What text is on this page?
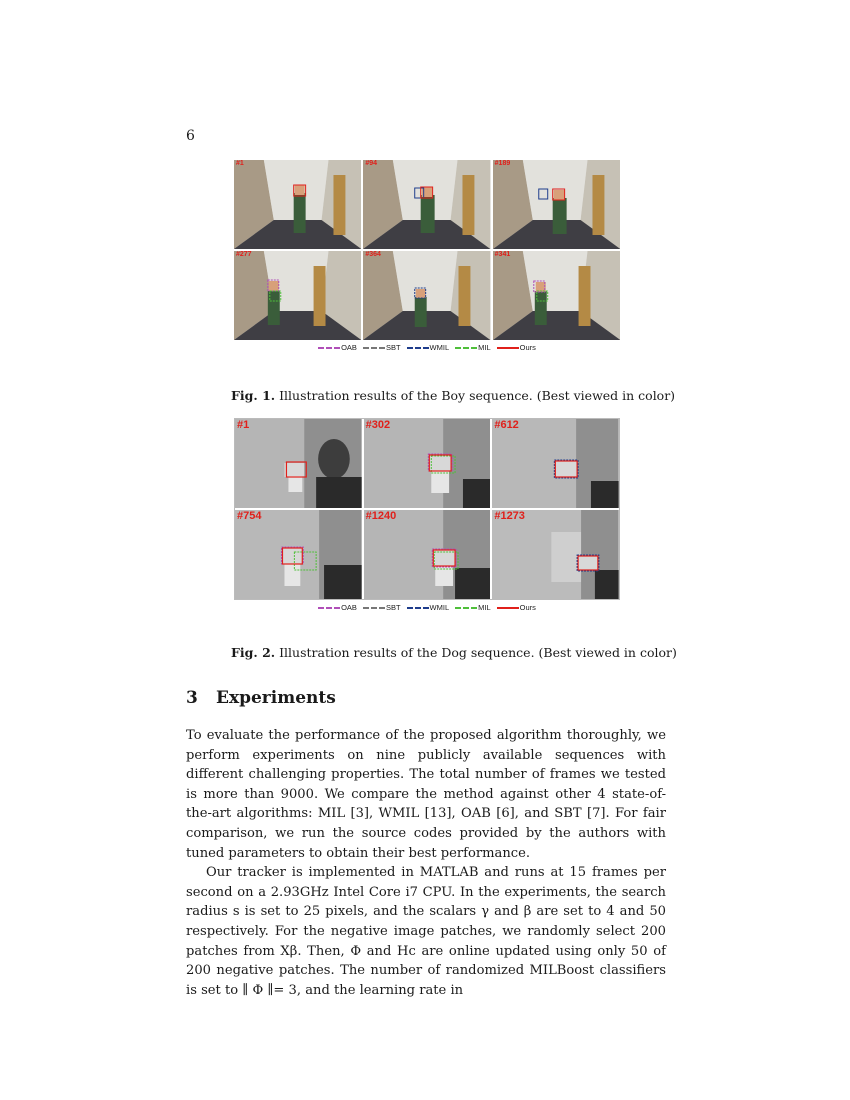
6
#1	#94	#189
#277	#364	#341
OAB	SBT	WMIL	MIL	Ours
Fig. 1. Illustration results of the Boy sequence. (Best viewed in color)
#1	#302	#612
#754	#1240	#1273
OAB	SBT	WMIL	MIL	Ours
Fig. 2. Illustration results of the Dog sequence. (Best viewed in color)
3 Experiments

To evaluate the performance of the proposed algorithm thoroughly, we perform experiments on nine publicly available sequences with different challenging properties. The total number of frames we tested is more than 9000. We compare the method against other 4 state-of-the-art algorithms: MIL [3], WMIL [13], OAB [6], and SBT [7]. For fair comparison, we run the source codes provided by the authors with tuned parameters to obtain their best performance.

Our tracker is implemented in MATLAB and runs at 15 frames per second on a 2.93GHz Intel Core i7 CPU. In the experiments, the search radius s is set to 25 pixels, and the scalars γ and β are set to 4 and 50 respectively. For the negative image patches, we randomly select 200 patches from Xβ. Then, Φ and Hc are online updated using only 50 of 200 negative patches. The number of randomized MILBoost classifiers is set to ∥ Φ ∥= 3, and the learning rate in
